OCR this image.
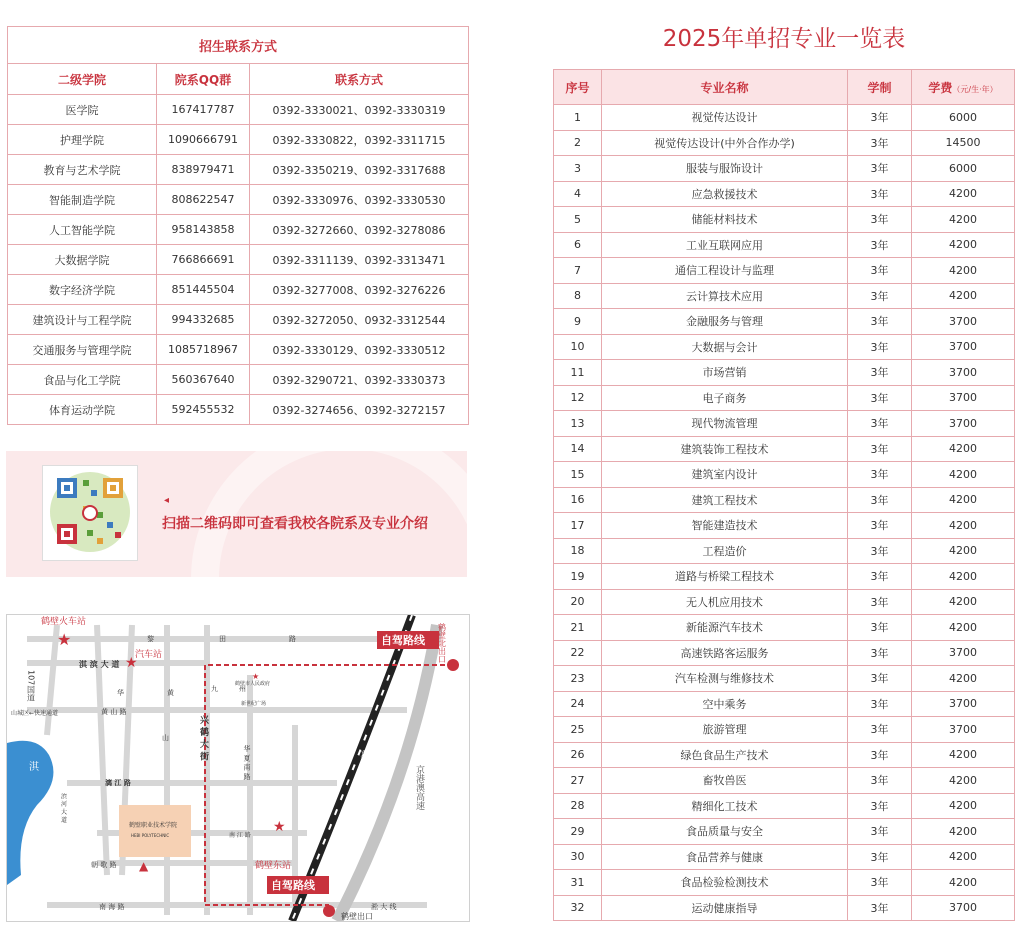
招生联系方式		
二级学院	院系QQ群	联系方式
医学院	167417787	0392-3330021、0392-3330319
护理学院	1090666791	0392-3330822，0392-3311715
教育与艺术学院	838979471	0392-3350219、0392-3317688
智能制造学院	808622547	0392-3330976、0392-3330530
人工智能学院	958143858	0392-3272660、0392-3278086
大数据学院	766866691	0392-3311139、0392-3313471
数字经济学院	851445504	0392-3277008、0392-3276226
建筑设计与工程学院	994332685	0392-3272050、0932-3312544
交通服务与管理学院	1085718967	0392-3330129、0392-3330512
食品与化工学院	560367640	0392-3290721、0392-3330373
体育运动学院	592455532	0392-3274656、0392-3272157
◂
扫描二维码即可查看我校各院系及专业介绍
★
★
★
★
▲
鹤壁火车站
汽车站
自驾路线 鹤壁北出口
自驾路线
鹤壁出口
鹤壁东站
鹤壁市人民政府
新世纪广场
鹤壁职业技术学院
HEBI POLYTECHNIC
京港澳高速
京港高铁
山城区←快速通道
淇
107国道
黎	田	路
淇 滨 大 道
九	州
华	黄
黄 山 路
山	兴 鹤 大 街
华 夏 南 路
漓 江 路
南 江 路
朝 歌 路
南 海 路	淞 大 线
滨 河 大 道
2025年单招专业一览表
序号	专业名称	学制	学费（元/生·年）
1	视觉传达设计	3年	6000
2	视觉传达设计(中外合作办学)	3年	14500
3	服装与服饰设计	3年	6000
4	应急救援技术	3年	4200
5	储能材料技术	3年	4200
6	工业互联网应用	3年	4200
7	通信工程设计与监理	3年	4200
8	云计算技术应用	3年	4200
9	金融服务与管理	3年	3700
10	大数据与会计	3年	3700
11	市场营销	3年	3700
12	电子商务	3年	3700
13	现代物流管理	3年	3700
14	建筑装饰工程技术	3年	4200
15	建筑室内设计	3年	4200
16	建筑工程技术	3年	4200
17	智能建造技术	3年	4200
18	工程造价	3年	4200
19	道路与桥梁工程技术	3年	4200
20	无人机应用技术	3年	4200
21	新能源汽车技术	3年	4200
22	高速铁路客运服务	3年	3700
23	汽车检测与维修技术	3年	4200
24	空中乘务	3年	3700
25	旅游管理	3年	3700
26	绿色食品生产技术	3年	4200
27	畜牧兽医	3年	4200
28	精细化工技术	3年	4200
29	食品质量与安全	3年	4200
30	食品营养与健康	3年	4200
31	食品检验检测技术	3年	4200
32	运动健康指导	3年	3700
